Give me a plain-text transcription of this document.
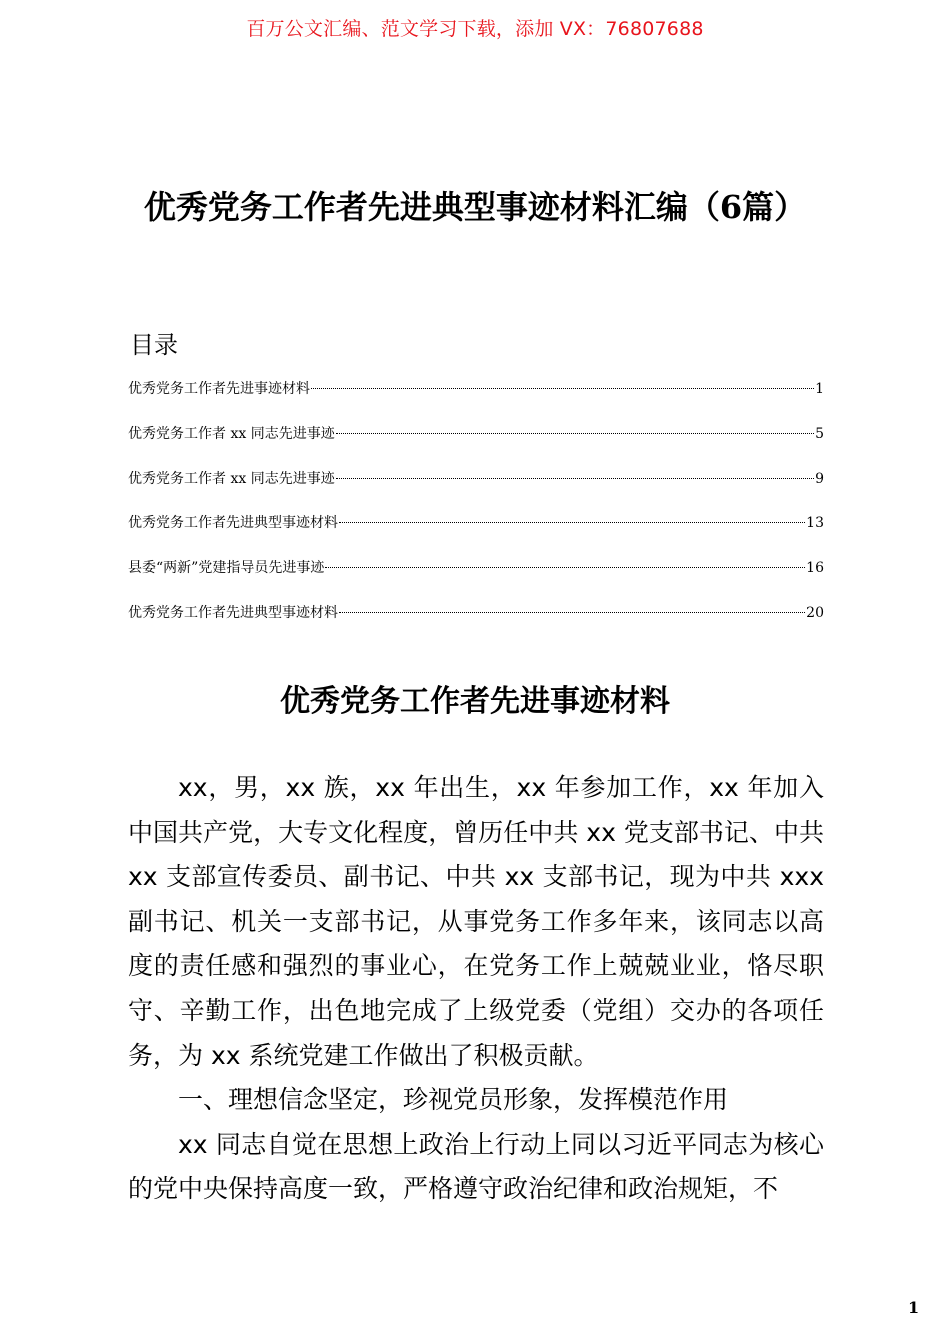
百万公文汇编、范文学习下载，添加 VX：76807688
优秀党务工作者先进典型事迹材料汇编（6篇）
目录
优秀党务工作者先进事迹材料	1
优秀党务工作者 xx 同志先进事迹	5
优秀党务工作者 xx 同志先进事迹	9
优秀党务工作者先进典型事迹材料	13
县委“两新”党建指导员先进事迹	16
优秀党务工作者先进典型事迹材料	20
优秀党务工作者先进事迹材料

xx，男，xx 族，xx 年出生，xx 年参加工作，xx 年加入中国共产党，大专文化程度，曾历任中共 xx 党支部书记、中共 xx 支部宣传委员、副书记、中共 xx 支部书记，现为中共 xxx 副书记、机关一支部书记，从事党务工作多年来，该同志以高度的责任感和强烈的事业心，在党务工作上兢兢业业，恪尽职守、辛勤工作，出色地完成了上级党委（党组）交办的各项任务，为 xx 系统党建工作做出了积极贡献。

一、理想信念坚定，珍视党员形象，发挥模范作用

xx 同志自觉在思想上政治上行动上同以习近平同志为核心的党中央保持高度一致，严格遵守政治纪律和政治规矩，不

1
